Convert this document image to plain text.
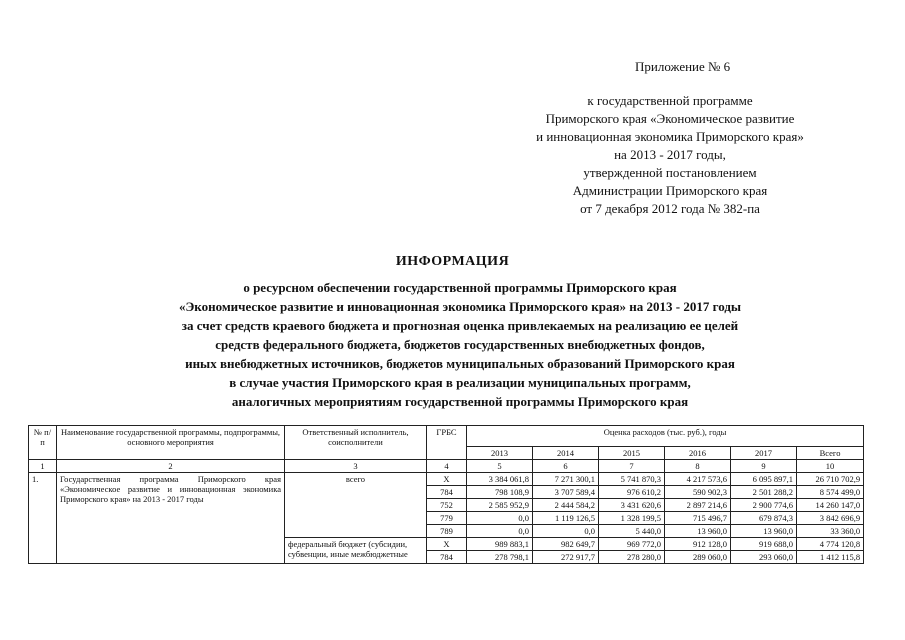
Приложение № 6
к государственной программе
Приморского края «Экономическое развитие
и инновационная экономика Приморского края»
на 2013 - 2017 годы,
утвержденной постановлением
Администрации Приморского края
от 7 декабря 2012 года № 382-па
ИНФОРМАЦИЯ
о ресурсном обеспечении государственной программы Приморского края
«Экономическое развитие и инновационная экономика Приморского края» на 2013 - 2017 годы
за счет средств краевого бюджета и прогнозная оценка привлекаемых на реализацию ее целей
средств федерального бюджета, бюджетов государственных внебюджетных фондов,
иных внебюджетных источников, бюджетов муниципальных образований Приморского края
в случае участия Приморского края в реализации муниципальных программ,
аналогичных мероприятиям государственной программы Приморского края
№ п/п	Наименование государственной программы, подпрограммы, основного мероприятия	Ответственный исполнитель, соисполнители	ГРБС	Оценка расходов (тыс. руб.), годы					
				2013	2014	2015	2016	2017	Всего
1	2	3	4	5	6	7	8	9	10
1.	Государственная программа Приморского края «Экономическое развитие и инновационная экономика Приморского края» на 2013 - 2017 годы	всего	Х	3 384 061,8	7 271 300,1	5 741 870,3	4 217 573,6	6 095 897,1	26 710 702,9
			784	798 108,9	3 707 589,4	976 610,2	590 902,3	2 501 288,2	8 574 499,0
			752	2 585 952,9	2 444 584,2	3 431 620,6	2 897 214,6	2 900 774,6	14 260 147,0
			779	0,0	1 119 126,5	1 328 199,5	715 496,7	679 874,3	3 842 696,9
			789	0,0	0,0	5 440,0	13 960,0	13 960,0	33 360,0
		федеральный бюджет (субсидии, субвенции, иные межбюджетные	Х	989 883,1	982 649,7	969 772,0	912 128,0	919 688,0	4 774 120,8
			784	278 798,1	272 917,7	278 280,0	289 060,0	293 060,0	1 412 115,8
